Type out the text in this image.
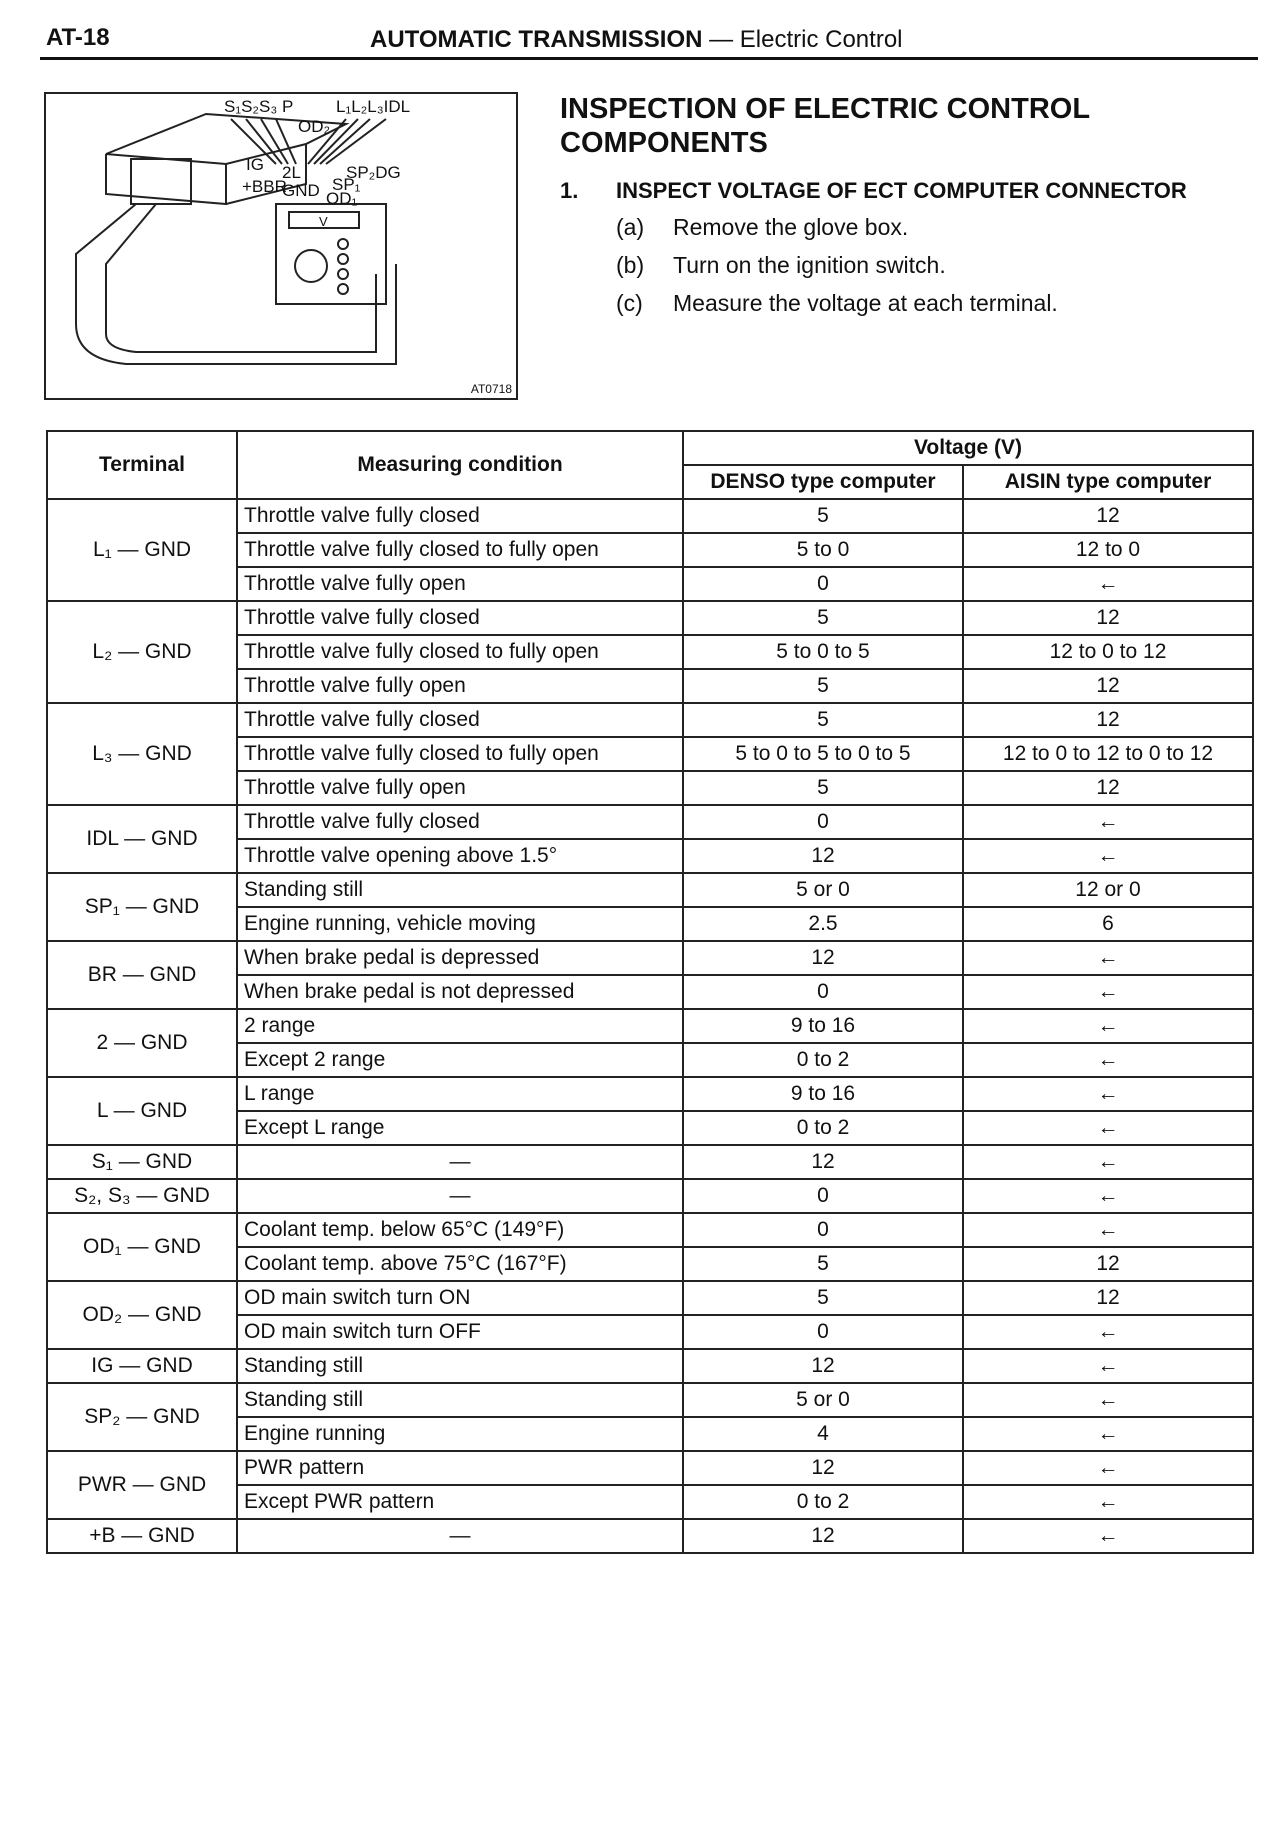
AT-18	AUTOMATIC TRANSMISSION — Electric Control
S₁S₂S₃ P
OD₂
L₁L₂L₃IDL
IG 2L	SP₂DG
+BBR
GND SP₁
OD₁
V
AT0718
INSPECTION OF ELECTRIC CONTROL COMPONENTS
1. INSPECT VOLTAGE OF ECT COMPUTER CONNECTOR
(a) Remove the glove box.
(b) Turn on the ignition switch.
(c) Measure the voltage at each terminal.
Terminal	Measuring condition	Voltage (V)	
		DENSO type computer	AISIN type computer
L₁ — GND	Throttle valve fully closed	5	12
	Throttle valve fully closed to fully open	5 to 0	12 to 0
	Throttle valve fully open	0	←
L₂ — GND	Throttle valve fully closed	5	12
	Throttle valve fully closed to fully open	5 to 0 to 5	12 to 0 to 12
	Throttle valve fully open	5	12
L₃ — GND	Throttle valve fully closed	5	12
	Throttle valve fully closed to fully open	5 to 0 to 5 to 0 to 5	12 to 0 to 12 to 0 to 12
	Throttle valve fully open	5	12
IDL — GND	Throttle valve fully closed	0	←
	Throttle valve opening above 1.5°	12	←
SP₁ — GND	Standing still	5 or 0	12 or 0
	Engine running, vehicle moving	2.5	6
BR — GND	When brake pedal is depressed	12	←
	When brake pedal is not depressed	0	←
2 — GND	2 range	9 to 16	←
	Except 2 range	0 to 2	←
L — GND	L range	9 to 16	←
	Except L range	0 to 2	←
S₁ — GND	—	12	←
S₂, S₃ — GND	—	0	←
OD₁ — GND	Coolant temp. below 65°C (149°F)	0	←
	Coolant temp. above 75°C (167°F)	5	12
OD₂ — GND	OD main switch turn ON	5	12
	OD main switch turn OFF	0	←
IG — GND	Standing still	12	←
SP₂ — GND	Standing still	5 or 0	←
	Engine running	4	←
PWR — GND	PWR pattern	12	←
	Except PWR pattern	0 to 2	←
+B — GND	—	12	←
